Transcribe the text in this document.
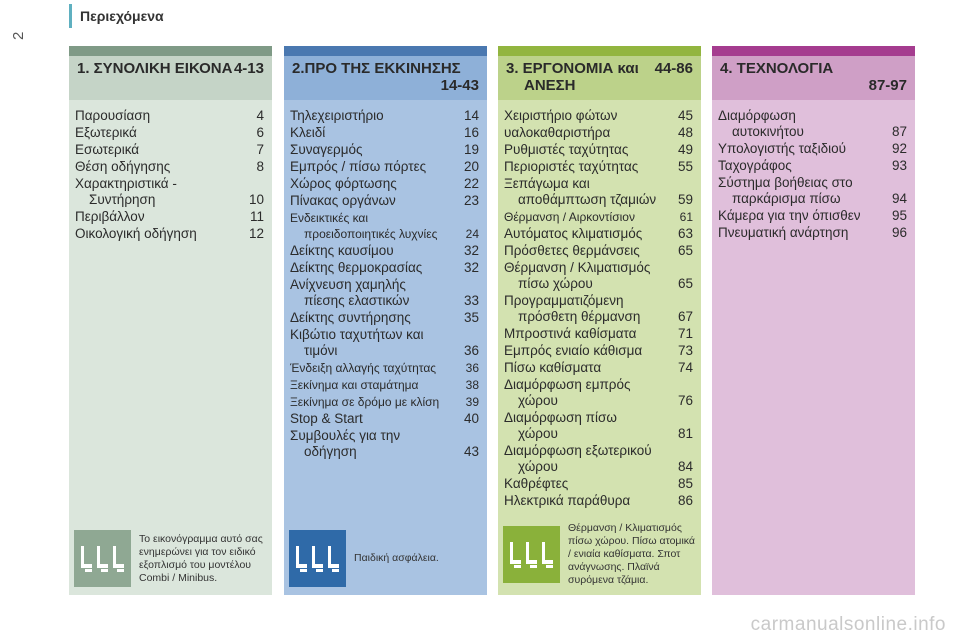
2
Περιεχόμενα
1. ΣΥΝΟΛΙΚΗ ΕΙΚΟΝΑ 4-13
Παρουσίαση	4
Εξωτερικά	6
Εσωτερικά	7
Θέση οδήγησης	8
Χαρακτηριστικά -
Συντήρηση	10
Περιβάλλον	11
Οικολογική οδήγηση	12
Το εικονόγραμμα αυτό σας ενημερώνει για τον ειδικό εξοπλισμό του μοντέλου Combi / Minibus.
2.ΠΡΟ ΤΗΣ ΕΚΚΙΝΗΣΗΣ
14-43
Τηλεχειριστήριο	14
Κλειδί	16
Συναγερμός	19
Εμπρός / πίσω πόρτες	20
Χώρος φόρτωσης	22
Πίνακας οργάνων	23
Ενδεικτικές και
προειδοποιητικές λυχνίες	24
Δείκτης καυσίμου	32
Δείκτης θερμοκρασίας	32
Ανίχνευση χαμηλής
πίεσης ελαστικών	33
Δείκτης συντήρησης	35
Κιβώτιο ταχυτήτων και
τιμόνι	36
Ένδειξη αλλαγής ταχύτητας	36
Ξεκίνημα και σταμάτημα	38
Ξεκίνημα σε δρόμο με κλίση	39
Stop & Start	40
Συμβουλές για την
οδήγηση	43
Παιδική ασφάλεια.
3. ΕΡΓΟΝΟΜΙΑ και 44-86
ΑΝΕΣΗ
Χειριστήριο φώτων	45
υαλοκαθαριστήρα	48
Ρυθμιστές ταχύτητας	49
Περιοριστές ταχύτητας	55
Ξεπάγωμα και
αποθάμπτωση τζαμιών	59
Θέρμανση / Αιρκοντίσιον	61
Αυτόματος κλιματισμός	63
Πρόσθετες θερμάνσεις	65
Θέρμανση / Κλιματισμός
πίσω χώρου	65
Προγραμματιζόμενη
πρόσθετη θέρμανση	67
Μπροστινά καθίσματα	71
Εμπρός ενιαίο κάθισμα	73
Πίσω καθίσματα	74
Διαμόρφωση εμπρός
χώρου	76
Διαμόρφωση πίσω
χώρου	81
Διαμόρφωση εξωτερικού
χώρου	84
Καθρέφτες	85
Ηλεκτρικά παράθυρα	86
Θέρμανση / Κλιματισμός πίσω χώρου. Πίσω ατομικά / ενιαία καθίσματα. Σποτ ανάγνωσης. Πλαϊνά συρόμενα τζάμια.
4. ΤΕΧΝΟΛΟΓΙΑ
87-97
Διαμόρφωση
αυτοκινήτου	87
Υπολογιστής ταξιδιού	92
Ταχογράφος	93
Σύστημα βοήθειας στο
παρκάρισμα πίσω	94
Κάμερα για την όπισθεν	95
Πνευματική ανάρτηση	96
carmanualsonline.info
